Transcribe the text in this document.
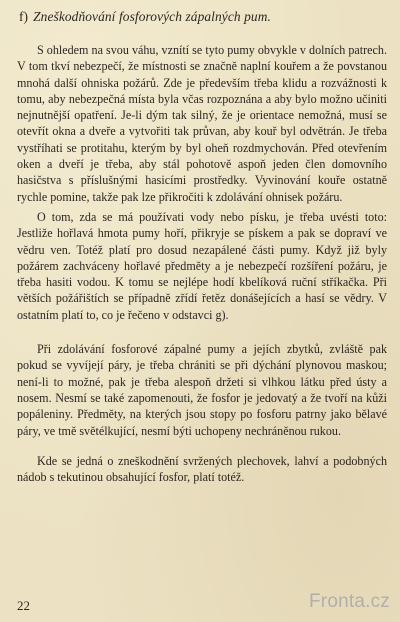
f) Zneškodňování fosforových zápalných pum.

S ohledem na svou váhu, vznítí se tyto pumy obvykle v dolních patrech. V tom tkví nebezpečí, že místnosti se značně naplní kouřem a že povstanou mnohá další ohniska požárů. Zde je především třeba klidu a rozvážnosti k tomu, aby nebezpečná místa byla včas rozpoznána a aby bylo možno učiniti nejnutnější opatření. Je-li dým tak silný, že je orientace nemožná, musí se otevřít okna a dveře a vytvořiti tak průvan, aby kouř byl odvětrán. Je třeba vystříhati se protitahu, kterým by byl oheň rozdmychován. Před otevřením oken a dveří je třeba, aby stál pohotově aspoň jeden člen domovního hasičstva s příslušnými hasicími prostředky. Vyvinování kouře ostatně rychle pomine, takže pak lze přikročiti k zdolávání ohnisek požáru.

O tom, zda se má používati vody nebo písku, je třeba uvésti toto: Jestliže hořlavá hmota pumy hoří, přikryje se pískem a pak se dopraví ve vědru ven. Totéž platí pro dosud nezapálené části pumy. Když již byly požárem zachváceny hořlavé předměty a je nebezpečí rozšíření požáru, je třeba hasiti vodou. K tomu se nejlépe hodí kbelíková ruční stříkačka. Při větších požářištích se případně zřídí řetěz donášejících a hasí se vědry. V ostatním platí to, co je řečeno v odstavci g).

Při zdolávání fosforové zápalné pumy a jejích zbytků, zvláště pak pokud se vyvíjejí páry, je třeba chrániti se při dýchání plynovou maskou; není-li to možné, pak je třeba alespoň držeti si vlhkou látku před ústy a nosem. Nesmí se také zapomenouti, že fosfor je jedovatý a že tvoří na kůži popáleniny. Předměty, na kterých jsou stopy po fosforu patrny jako bělavé páry, ve tmě světélkující, nesmí býti uchopeny nechráněnou rukou.

Kde se jedná o zneškodnění svržených plechovek, lahví a podobných nádob s tekutinou obsahující fosfor, platí totéž.

22	Fronta.cz
